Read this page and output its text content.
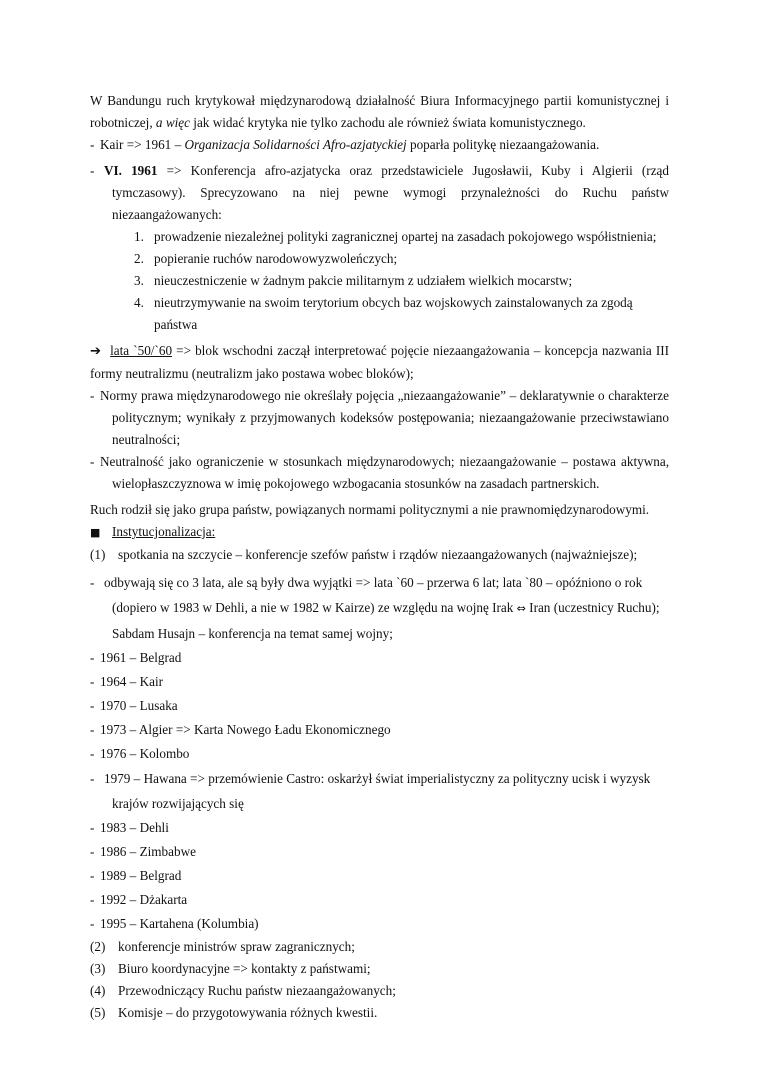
W Bandungu ruch krytykował międzynarodową działalność Biura Informacyjnego partii komunistycznej i robotniczej, a więc jak widać krytyka nie tylko zachodu ale również świata komunistycznego.
- Kair => 1961 – Organizacja Solidarności Afro-azjatyckiej poparła politykę niezaangażowania.
- VI. 1961 => Konferencja afro-azjatycka oraz przedstawiciele Jugosławii, Kuby i Algierii (rząd tymczasowy). Sprecyzowano na niej pewne wymogi przynależności do Ruchu państw niezaangażowanych:
1. prowadzenie niezależnej polityki zagranicznej opartej na zasadach pokojowego współistnienia;
2. popieranie ruchów narodowowyzwoleńczych;
3. nieuczestniczenie w żadnym pakcie militarnym z udziałem wielkich mocarstw;
4. nieutrzymywanie na swoim terytorium obcych baz wojskowych zainstalowanych za zgodą państwa
➔ lata `50/`60 => blok wschodni zaczął interpretować pojęcie niezaangażowania – koncepcja nazwania III formy neutralizmu (neutralizm jako postawa wobec bloków);
- Normy prawa międzynarodowego nie określały pojęcia „niezaangażowanie” – deklaratywnie o charakterze politycznym; wynikały z przyjmowanych kodeksów postępowania; niezaangażowanie przeciwstawiano neutralności;
- Neutralność jako ograniczenie w stosunkach międzynarodowych; niezaangażowanie – postawa aktywna, wielopłaszczyznowa w imię pokojowego wzbogacania stosunków na zasadach partnerskich.
Ruch rodził się jako grupa państw, powiązanych normami politycznymi a nie prawnomiędzynarodowymi.
■ Instytucjonalizacja:
(1) spotkania na szczycie – konferencje szefów państw i rządów niezaangażowanych (najważniejsze);
- odbywają się co 3 lata, ale są były dwa wyjątki => lata `60 – przerwa 6 lat; lata `80 – opóźniono o rok (dopiero w 1983 w Dehli, a nie w 1982 w Kairze) ze względu na wojnę Irak ⇔ Iran (uczestnicy Ruchu); Sabdam Husajn – konferencja na temat samej wojny;
- 1961 – Belgrad
- 1964 – Kair
- 1970 – Lusaka
- 1973 – Algier => Karta Nowego Ładu Ekonomicznego
- 1976 – Kolombo
- 1979 – Hawana => przemówienie Castro: oskarżył świat imperialistyczny za polityczny ucisk i wyzysk krajów rozwijających się
- 1983 – Dehli
- 1986 – Zimbabwe
- 1989 – Belgrad
- 1992 – Dżakarta
- 1995 – Kartahena (Kolumbia)
(2) konferencje ministrów spraw zagranicznych;
(3) Biuro koordynacyjne => kontakty z państwami;
(4) Przewodniczący Ruchu państw niezaangażowanych;
(5) Komisje – do przygotowywania różnych kwestii.
